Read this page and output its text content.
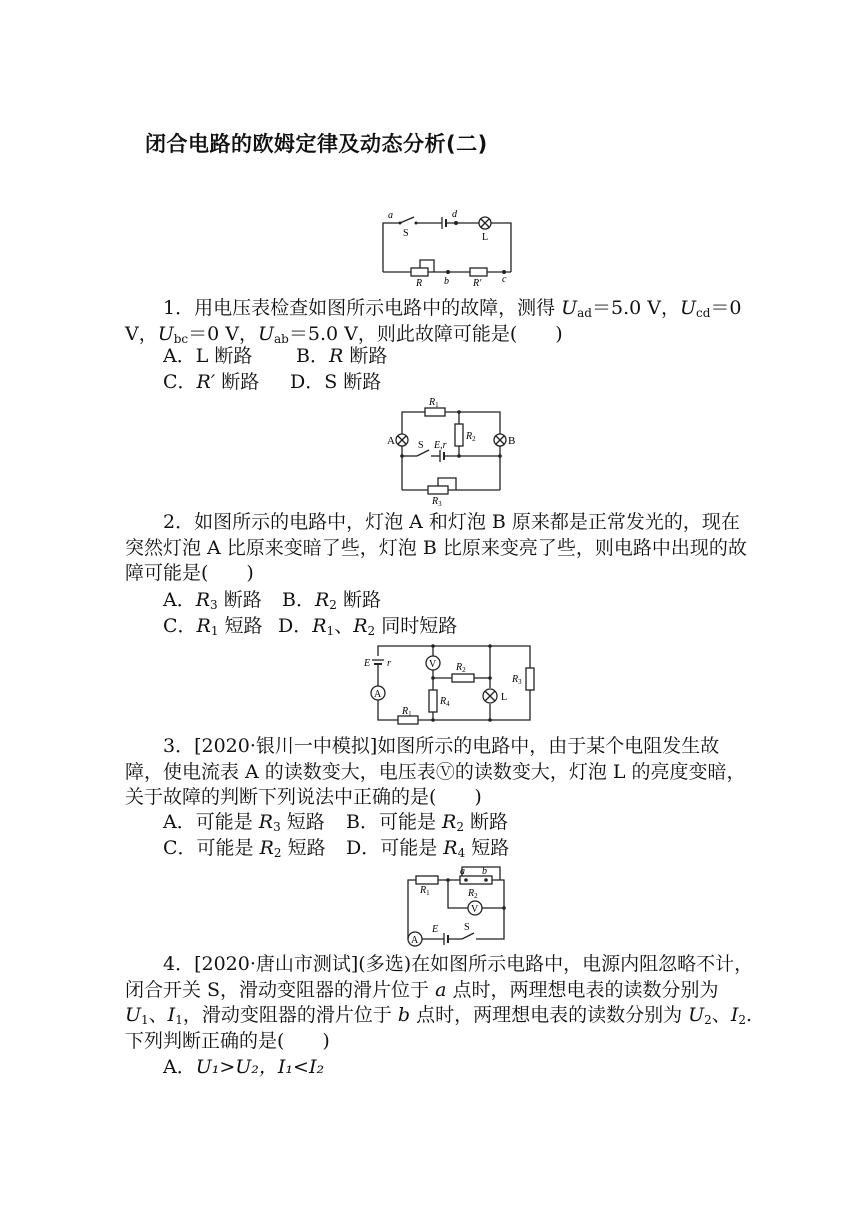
闭合电路的欧姆定律及动态分析(二)
a	d
S	L
R b R′ c
1．用电压表检查如图所示电路中的故障，测得 $U_{ad}=5.0$ V，$U_{cd}=0$ V，$U_{bc}=0$ V，$U_{ab}=5.0$ V，则此故障可能是(　　)
A．L 断路 B．R 断路
C．R′ 断路 D．S 断路
$R_1$
$R_2$
$R_3$
A	B
S E,r
2．如图所示的电路中，灯泡 A 和灯泡 B 原来都是正常发光的，现在突然灯泡 A 比原来变暗了些，灯泡 B 比原来变亮了些，则电路中出现的故障可能是(　　)
A．$R_3$ 断路 B．$R_2$ 断路
C．$R_1$ 短路 D．$R_1$、$R_2$ 同时短路
E r
A
V $R_2$
$R_1$
$R_4$
$R_3$
L
3．[2020·银川一中模拟]如图所示的电路中，由于某个电阻发生故障，使电流表 A 的读数变大，电压表Ⓥ的读数变大，灯泡 L 的亮度变暗，关于故障的判断下列说法中正确的是(　　)
A．可能是 $R_3$ 短路 B．可能是 $R_2$ 断路
C．可能是 $R_2$ 短路 D．可能是 $R_4$ 短路
$R_1$	$R_2$
a b
V
A
E	S
4．[2020·唐山市测试](多选)在如图所示电路中，电源内阻忽略不计，闭合开关 S，滑动变阻器的滑片位于 a 点时，两理想电表的读数分别为 $U_1$、$I_1$，滑动变阻器的滑片位于 b 点时，两理想电表的读数分别为 $U_2$、$I_2$.下列判断正确的是(　　)
A．U₁>U₂，I₁<I₂
